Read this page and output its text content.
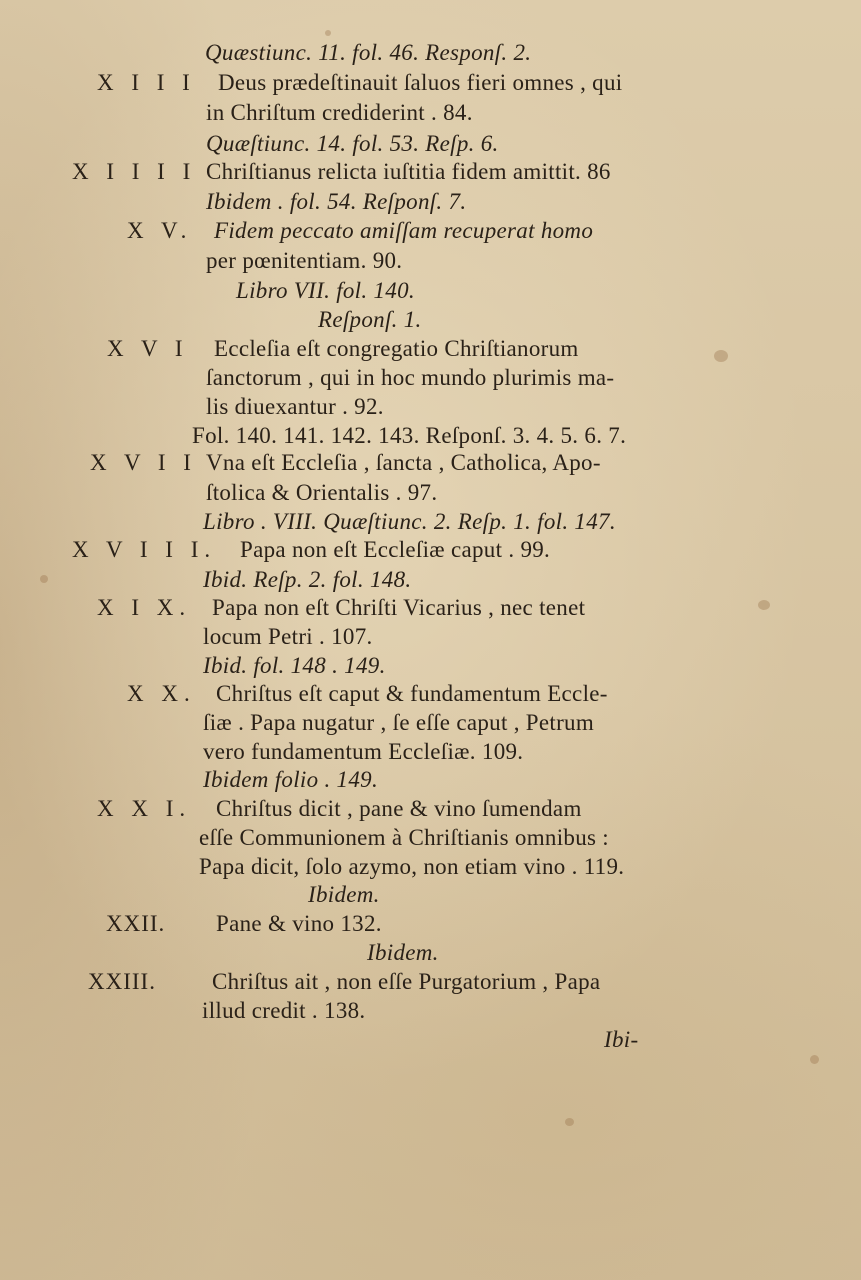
Quæstiunc. 11. fol. 46. Responſ. 2.
X I I I Deus prædeſtinauit ſaluos fieri omnes , qui
in Chriſtum crediderint . 84.
Quæſtiunc. 14. fol. 53. Reſp. 6.
X I I I I Chriſtianus relicta iuſtitia fidem amittit. 86
Ibidem . fol. 54. Reſponſ. 7.
X V. Fidem peccato amiſſam recuperat homo
per pœnitentiam. 90.
Libro VII. fol. 140.
Reſponſ. 1.
X V I Eccleſia eſt congregatio Chriſtianorum
ſanctorum , qui in hoc mundo plurimis ma-
lis diuexantur . 92.
Fol. 140. 141. 142. 143. Reſponſ. 3. 4. 5. 6. 7.
X V I I Vna eſt Eccleſia , ſancta , Catholica, Apo-
ſtolica & Orientalis . 97.
Libro . VIII. Quæſtiunc. 2. Reſp. 1. fol. 147.
X V I I I. Papa non eſt Eccleſiæ caput . 99.
Ibid. Reſp. 2. fol. 148.
X I X. Papa non eſt Chriſti Vicarius , nec tenet
locum Petri . 107.
Ibid. fol. 148 . 149.
X X. Chriſtus eſt caput & fundamentum Eccle-
ſiæ . Papa nugatur , ſe eſſe caput , Petrum
vero fundamentum Eccleſiæ. 109.
Ibidem folio . 149.
X X I. Chriſtus dicit , pane & vino ſumendam
eſſe Communionem à Chriſtianis omnibus :
Papa dicit, ſolo azymo, non etiam vino . 119.
Ibidem.
XXII. Pane & vino 132.
Ibidem.
XXIII. Chriſtus ait , non eſſe Purgatorium , Papa
illud credit . 138.
Ibi-
